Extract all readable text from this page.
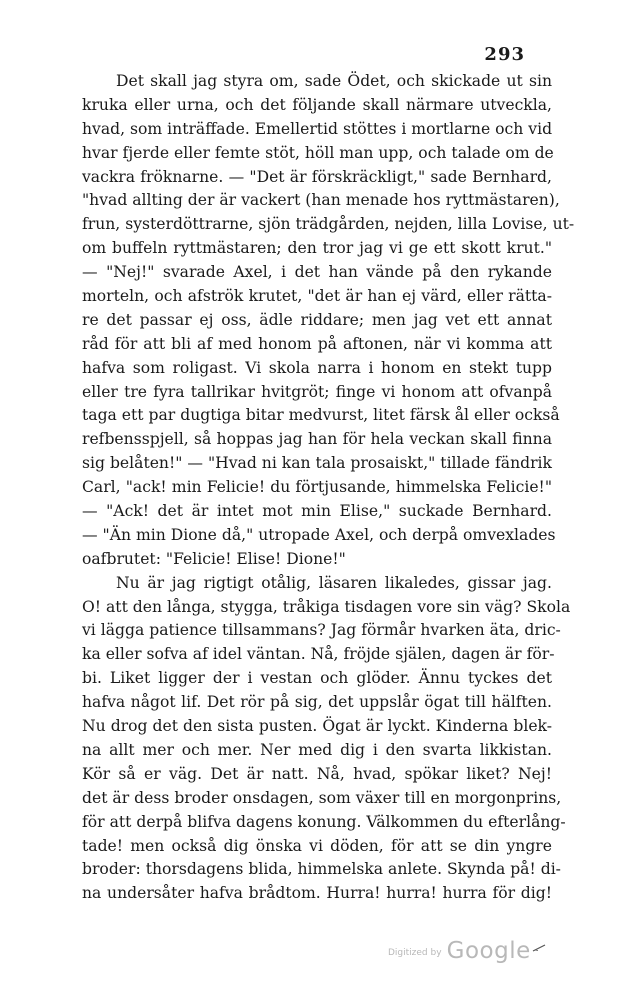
293
Det skall jag styra om, sade Ödet, och skickade ut sin
kruka eller urna, och det följande skall närmare utveckla,
hvad, som inträffade. Emellertid stöttes i mortlarne och vid
hvar fjerde eller femte stöt, höll man upp, och talade om de
vackra fröknarne. — "Det är förskräckligt," sade Bernhard,
"hvad allting der är vackert (han menade hos ryttmästaren),
frun, systerdöttrarne, sjön trädgården, nejden, lilla Lovise, ut-
om buffeln ryttmästaren; den tror jag vi ge ett skott krut."
— "Nej!" svarade Axel, i det han vände på den rykande
morteln, och afströk krutet, "det är han ej värd, eller rätta-
re det passar ej oss, ädle riddare; men jag vet ett annat
råd för att bli af med honom på aftonen, när vi komma att
hafva som roligast. Vi skola narra i honom en stekt tupp
eller tre fyra tallrikar hvitgröt; finge vi honom att ofvanpå
taga ett par dugtiga bitar medvurst, litet färsk ål eller också
refbensspjell, så hoppas jag han för hela veckan skall finna
sig belåten!" — "Hvad ni kan tala prosaiskt," tillade fändrik
Carl, "ack! min Felicie! du förtjusande, himmelska Felicie!"
— "Ack! det är intet mot min Elise," suckade Bernhard.
— "Än min Dione då," utropade Axel, och derpå omvexlades
oafbrutet: "Felicie! Elise! Dione!"
Nu är jag rigtigt otålig, läsaren likaledes, gissar jag.
O! att den långa, stygga, tråkiga tisdagen vore sin väg? Skola
vi lägga patience tillsammans? Jag förmår hvarken äta, dric-
ka eller sofva af idel väntan. Nå, fröjde själen, dagen är för-
bi. Liket ligger der i vestan och glöder. Ännu tyckes det
hafva något lif. Det rör på sig, det uppslår ögat till hälften.
Nu drog det den sista pusten. Ögat är lyckt. Kinderna blek-
na allt mer och mer. Ner med dig i den svarta likkistan.
Kör så er väg. Det är natt. Nå, hvad, spökar liket? Nej!
det är dess broder onsdagen, som växer till en morgonprins,
för att derpå blifva dagens konung. Välkommen du efterlång-
tade! men också dig önska vi döden, för att se din yngre
broder: thorsdagens blida, himmelska anlete. Skynda på! di-
na undersåter hafva brådtom. Hurra! hurra! hurra för dig!
Digitized by Google
